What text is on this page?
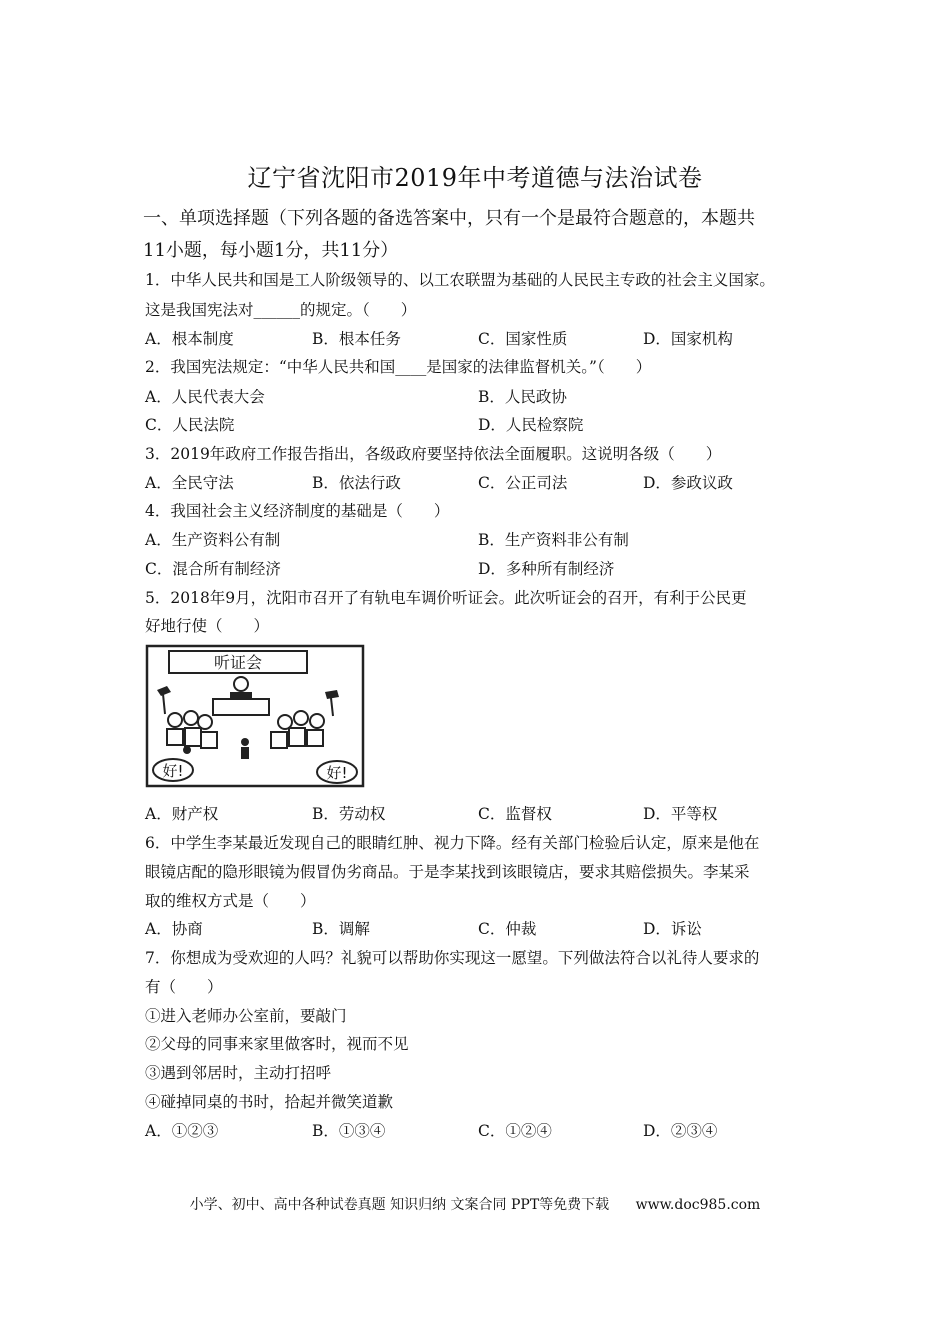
辽宁省沈阳市2019年中考道德与法治试卷
一、单项选择题（下列各题的备选答案中，只有一个是最符合题意的，本题共
11小题，每小题1分，共11分）
1．中华人民共和国是工人阶级领导的、以工农联盟为基础的人民民主专政的社会主义国家。
这是我国宪法对______的规定。（　　）
A．根本制度	B．根本任务	C．国家性质	D．国家机构
2．我国宪法规定：“中华人民共和国____是国家的法律监督机关。”（　　）
A．人民代表大会	B．人民政协
C．人民法院	D．人民检察院
3．2019年政府工作报告指出，各级政府要坚持依法全面履职。这说明各级（　　）
A．全民守法	B．依法行政	C．公正司法	D．参政议政
4．我国社会主义经济制度的基础是（　　）
A．生产资料公有制	B．生产资料非公有制
C．混合所有制经济	D．多种所有制经济
5．2018年9月，沈阳市召开了有轨电车调价听证会。此次听证会的召开，有利于公民更
好地行使（　　）
听证会
好!	好!
A．财产权	B．劳动权	C．监督权	D．平等权
6．中学生李某最近发现自己的眼睛红肿、视力下降。经有关部门检验后认定，原来是他在
眼镜店配的隐形眼镜为假冒伪劣商品。于是李某找到该眼镜店，要求其赔偿损失。李某采
取的维权方式是（　　）
A．协商	B．调解	C．仲裁	D．诉讼
7．你想成为受欢迎的人吗？礼貌可以帮助你实现这一愿望。下列做法符合以礼待人要求的
有（　　）
①进入老师办公室前，要敲门
②父母的同事来家里做客时，视而不见
③遇到邻居时，主动打招呼
④碰掉同桌的书时，拾起并微笑道歉
A．①②③	B．①③④	C．①②④	D．②③④
小学、初中、高中各种试卷真题 知识归纳 文案合同 PPT等免费下载 www.doc985.com
